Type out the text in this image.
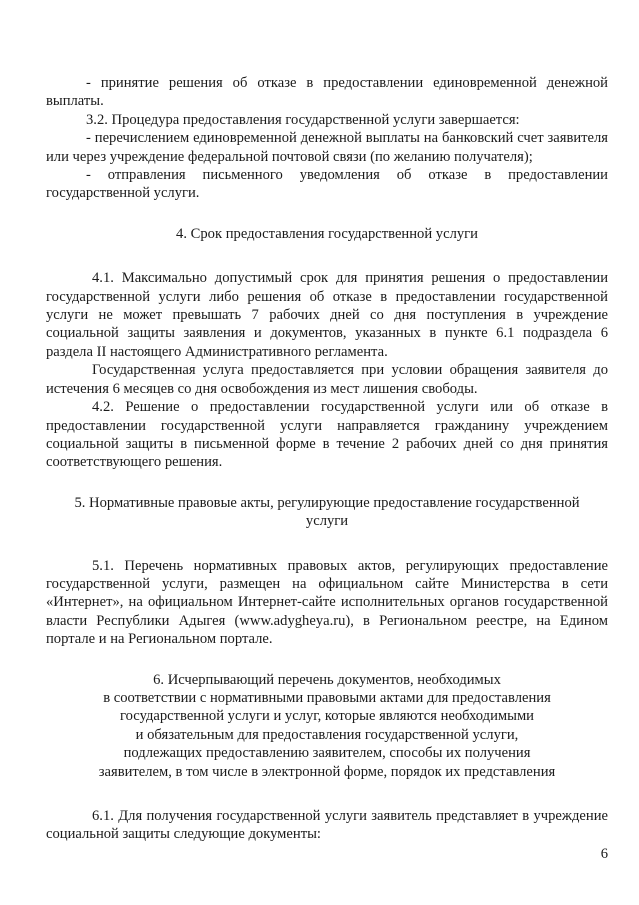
- принятие решения об отказе в предоставлении единовременной денежной выплаты.

3.2. Процедура предоставления государственной услуги завершается:

- перечислением единовременной денежной выплаты на банковский счет заявителя или через учреждение федеральной почтовой связи (по желанию получателя);

- отправления письменного уведомления об отказе в предоставлении государственной услуги.

4. Срок предоставления государственной услуги

4.1. Максимально допустимый срок для принятия решения о предоставлении государственной услуги либо решения об отказе в предоставлении государственной услуги не может превышать 7 рабочих дней со дня поступления в учреждение социальной защиты заявления и документов, указанных в пункте 6.1 подраздела 6 раздела II настоящего Административного регламента.

Государственная услуга предоставляется при условии обращения заявителя до истечения 6 месяцев со дня освобождения из мест лишения свободы.

4.2. Решение о предоставлении государственной услуги или об отказе в предоставлении государственной услуги направляется гражданину учреждением социальной защиты в письменной форме в течение 2 рабочих дней со дня принятия соответствующего решения.

5. Нормативные правовые акты, регулирующие предоставление государственной

услуги

5.1. Перечень нормативных правовых актов, регулирующих предоставление государственной услуги, размещен на официальном сайте Министерства в сети «Интернет», на официальном Интернет-сайте исполнительных органов государственной власти Республики Адыгея (www.adygheya.ru), в Региональном реестре, на Едином портале и на Региональном портале.

6. Исчерпывающий перечень документов, необходимых

в соответствии с нормативными правовыми актами для предоставления

государственной услуги и услуг, которые являются необходимыми

и обязательным для предоставления государственной услуги,

подлежащих предоставлению заявителем, способы их получения

заявителем, в том числе в электронной форме, порядок их представления

6.1. Для получения государственной услуги заявитель представляет в учреждение социальной защиты следующие документы:

6
